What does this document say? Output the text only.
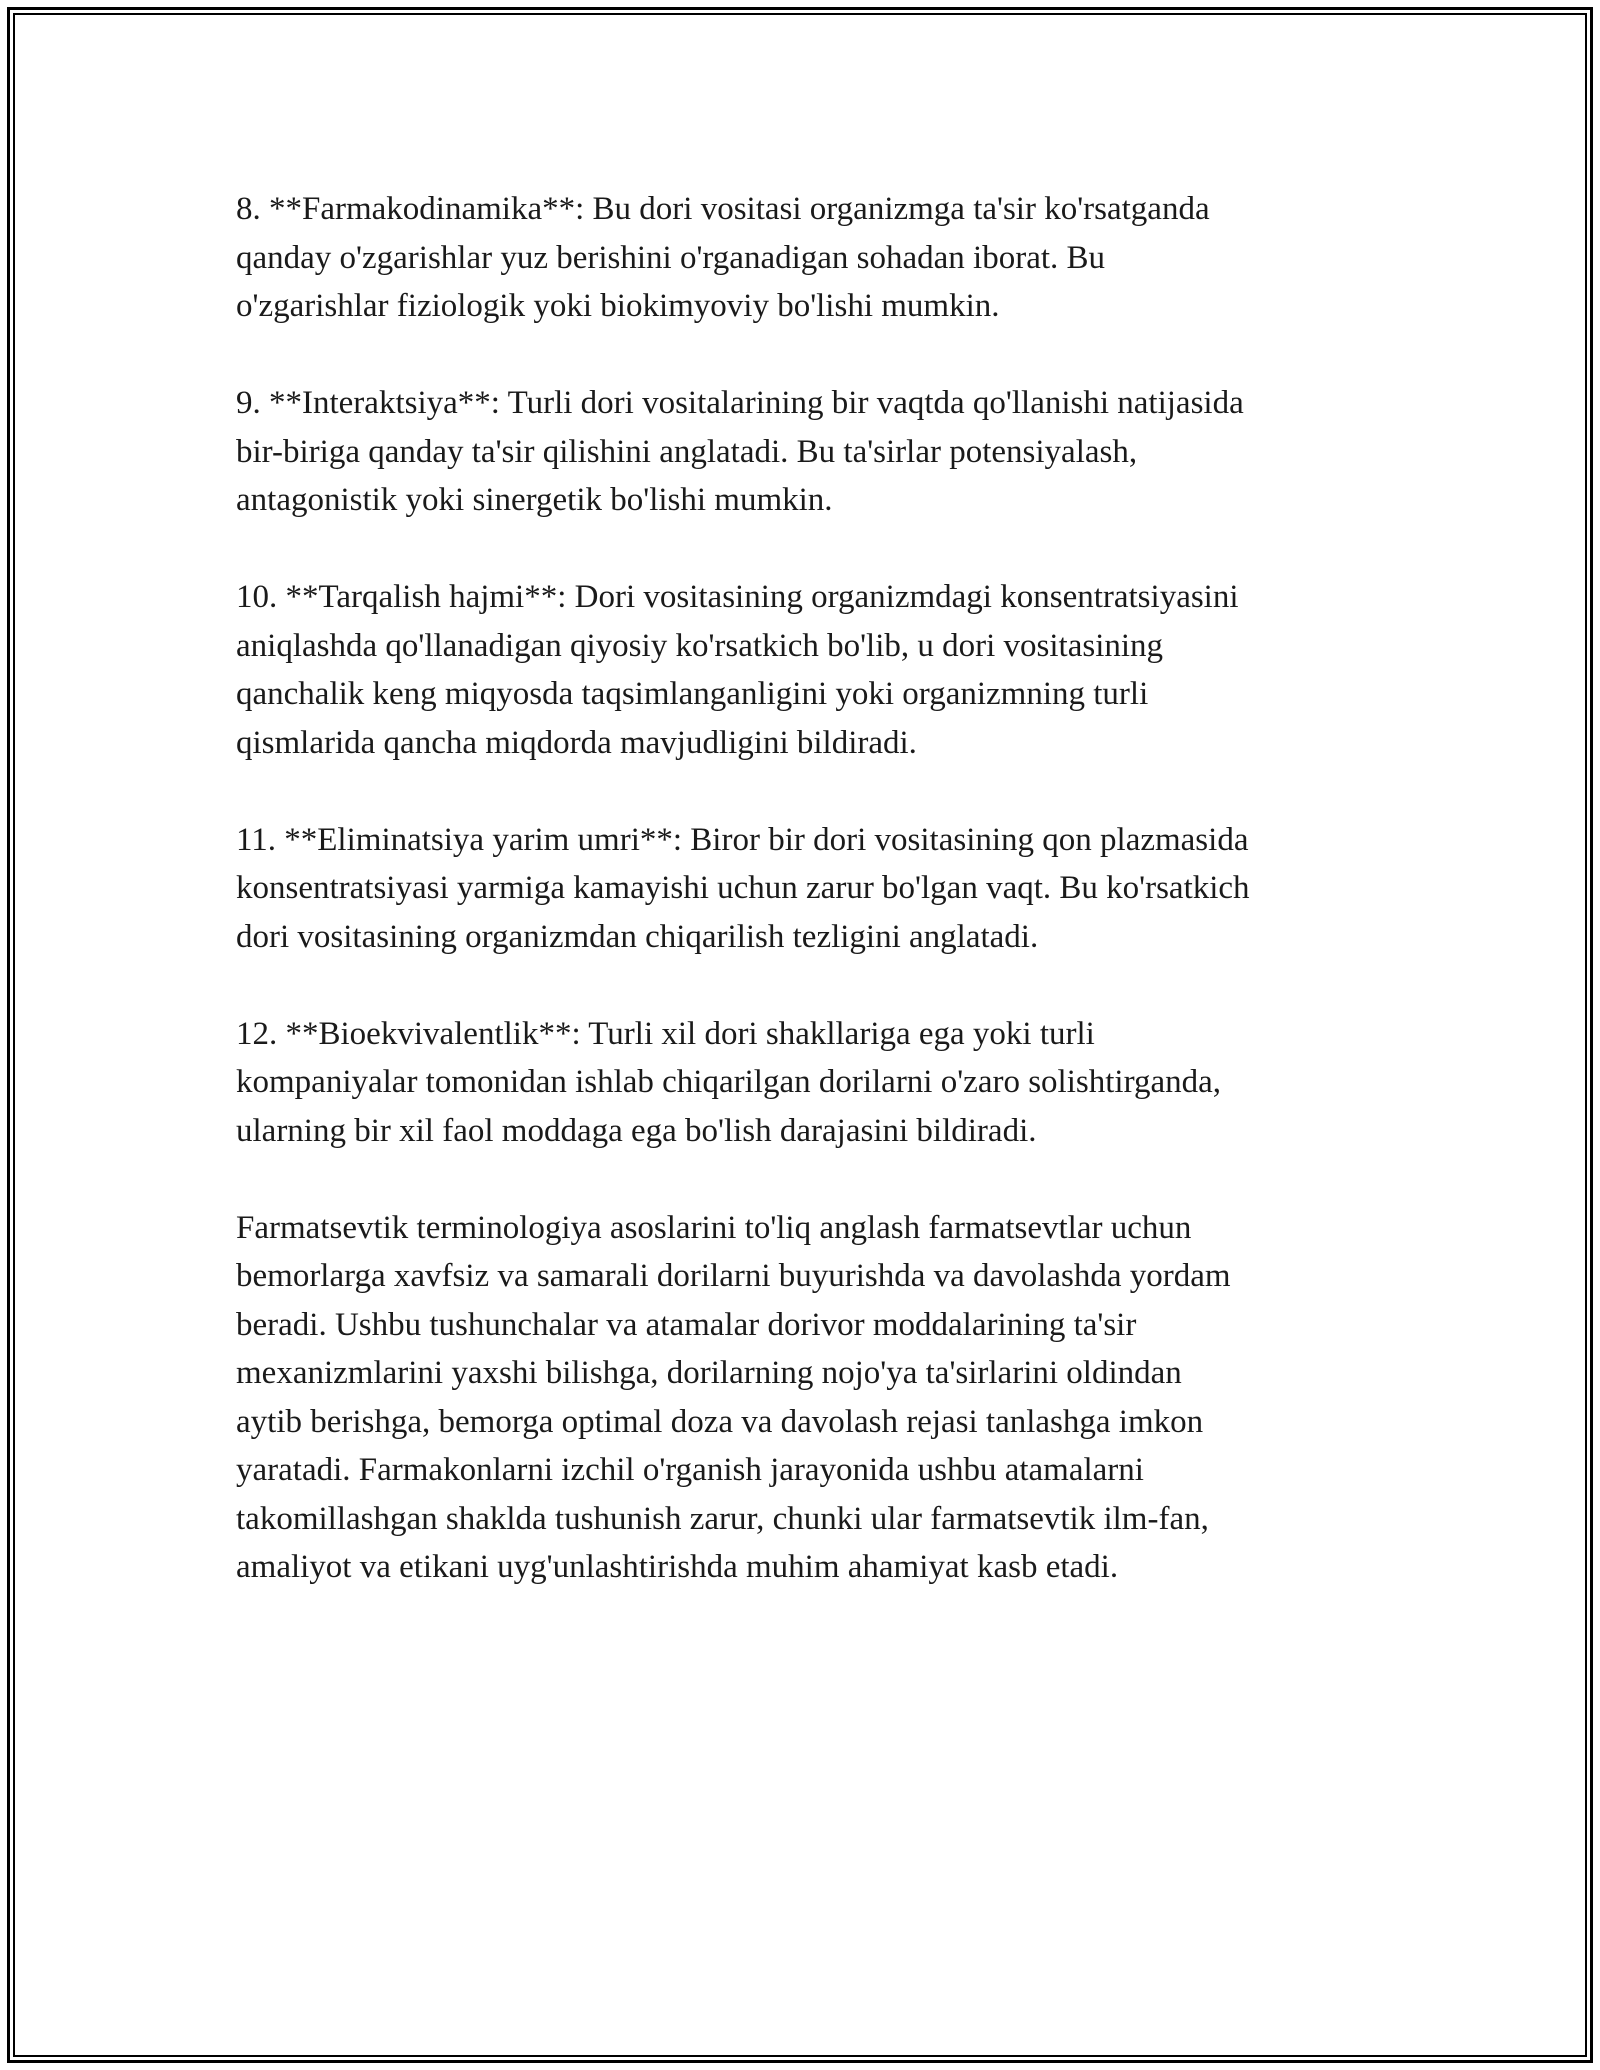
8. **Farmakodinamika**: Bu dori vositasi organizmga ta'sir ko'rsatganda
qanday o'zgarishlar yuz berishini o'rganadigan sohadan iborat. Bu
o'zgarishlar fiziologik yoki biokimyoviy bo'lishi mumkin.

9. **Interaktsiya**: Turli dori vositalarining bir vaqtda qo'llanishi natijasida
bir-biriga qanday ta'sir qilishini anglatadi. Bu ta'sirlar potensiyalash,
antagonistik yoki sinergetik bo'lishi mumkin.

10. **Tarqalish hajmi**: Dori vositasining organizmdagi konsentratsiyasini
aniqlashda qo'llanadigan qiyosiy ko'rsatkich bo'lib, u dori vositasining
qanchalik keng miqyosda taqsimlanganligini yoki organizmning turli
qismlarida qancha miqdorda mavjudligini bildiradi.

11. **Eliminatsiya yarim umri**: Biror bir dori vositasining qon plazmasida
konsentratsiyasi yarmiga kamayishi uchun zarur bo'lgan vaqt. Bu ko'rsatkich
dori vositasining organizmdan chiqarilish tezligini anglatadi.

12. **Bioekvivalentlik**: Turli xil dori shakllariga ega yoki turli
kompaniyalar tomonidan ishlab chiqarilgan dorilarni o'zaro solishtirganda,
ularning bir xil faol moddaga ega bo'lish darajasini bildiradi.

Farmatsevtik terminologiya asoslarini to'liq anglash farmatsevtlar uchun
bemorlarga xavfsiz va samarali dorilarni buyurishda va davolashda yordam
beradi. Ushbu tushunchalar va atamalar dorivor moddalarining ta'sir
mexanizmlarini yaxshi bilishga, dorilarning nojo'ya ta'sirlarini oldindan
aytib berishga, bemorga optimal doza va davolash rejasi tanlashga imkon
yaratadi. Farmakonlarni izchil o'rganish jarayonida ushbu atamalarni
takomillashgan shaklda tushunish zarur, chunki ular farmatsevtik ilm-fan,
amaliyot va etikani uyg'unlashtirishda muhim ahamiyat kasb etadi.
